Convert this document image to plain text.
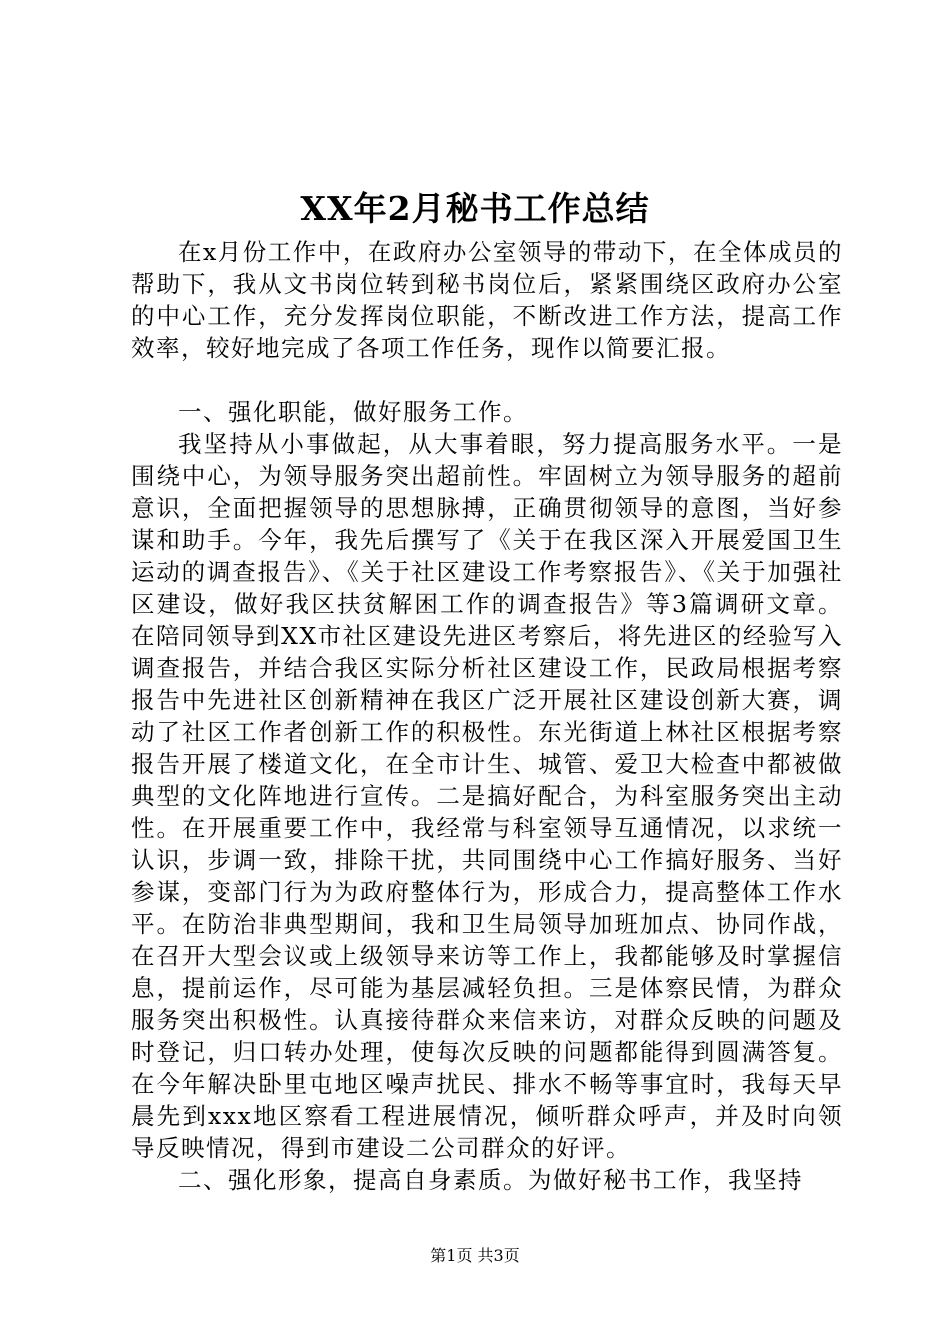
XX年2月秘书工作总结

在x月份工作中，在政府办公室领导的带动下，在全体成员的帮助下，我从文书岗位转到秘书岗位后，紧紧围绕区政府办公室的中心工作，充分发挥岗位职能，不断改进工作方法，提高工作效率，较好地完成了各项工作任务，现作以简要汇报。

一、强化职能，做好服务工作。

我坚持从小事做起，从大事着眼，努力提高服务水平。一是围绕中心，为领导服务突出超前性。牢固树立为领导服务的超前意识，全面把握领导的思想脉搏，正确贯彻领导的意图，当好参谋和助手。今年，我先后撰写了《关于在我区深入开展爱国卫生运动的调查报告》、《关于社区建设工作考察报告》、《关于加强社区建设，做好我区扶贫解困工作的调查报告》等3篇调研文章。在陪同领导到XX市社区建设先进区考察后，将先进区的经验写入调查报告，并结合我区实际分析社区建设工作，民政局根据考察报告中先进社区创新精神在我区广泛开展社区建设创新大赛，调动了社区工作者创新工作的积极性。东光街道上林社区根据考察报告开展了楼道文化，在全市计生、城管、爱卫大检查中都被做典型的文化阵地进行宣传。二是搞好配合，为科室服务突出主动性。在开展重要工作中，我经常与科室领导互通情况，以求统一认识，步调一致，排除干扰，共同围绕中心工作搞好服务、当好参谋，变部门行为为政府整体行为，形成合力，提高整体工作水平。在防治非典型期间，我和卫生局领导加班加点、协同作战，在召开大型会议或上级领导来访等工作上，我都能够及时掌握信息，提前运作，尽可能为基层减轻负担。三是体察民情，为群众服务突出积极性。认真接待群众来信来访，对群众反映的问题及时登记，归口转办处理，使每次反映的问题都能得到圆满答复。在今年解决卧里屯地区噪声扰民、排水不畅等事宜时，我每天早晨先到xxx地区察看工程进展情况，倾听群众呼声，并及时向领导反映情况，得到市建设二公司群众的好评。

二、强化形象，提高自身素质。为做好秘书工作，我坚持

第1页 共3页
